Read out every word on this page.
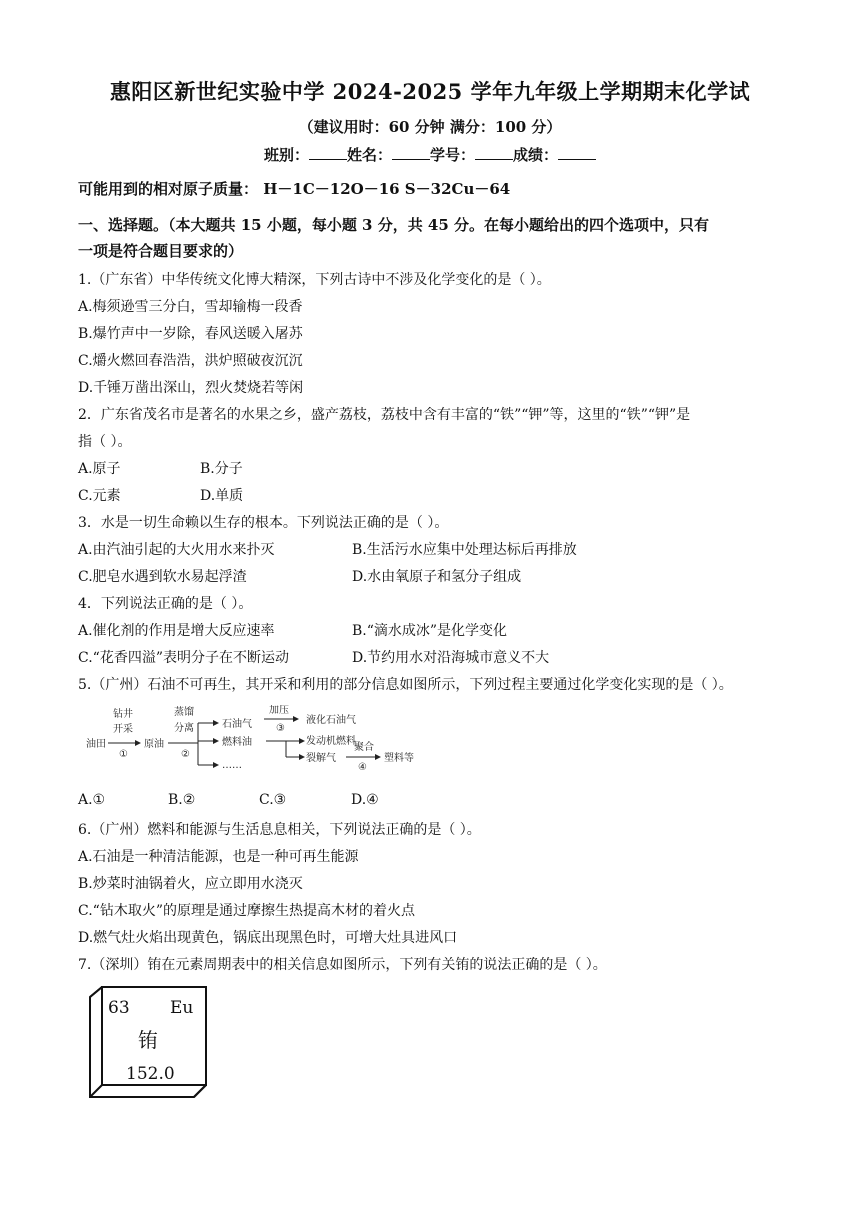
惠阳区新世纪实验中学 2024-2025 学年九年级上学期期末化学试
（建议用时：60 分钟 满分：100 分）
班别：	姓名：	学号：	成绩：
可能用到的相对原子质量： H－1C－12O－16 S－32Cu－64
一、选择题。（本大题共 15 小题，每小题 3 分，共 45 分。在每小题给出的四个选项中，只有
一项是符合题目要求的）
1.（广东省）中华传统文化博大精深，下列古诗中不涉及化学变化的是（ ）。
A.梅须逊雪三分白，雪却输梅一段香
B.爆竹声中一岁除，春风送暖入屠苏
C.爝火燃回春浩浩，洪炉照破夜沉沉
D.千锤万凿出深山，烈火焚烧若等闲
2．广东省茂名市是著名的水果之乡，盛产荔枝，荔枝中含有丰富的“铁”“钾”等，这里的“铁”“钾”是
指（ ）。
A.原子	B.分子
C.元素	D.单质
3．水是一切生命赖以生存的根本。下列说法正确的是（ ）。
A.由汽油引起的大火用水来扑灭	B.生活污水应集中处理达标后再排放
C.肥皂水遇到软水易起浮渣	D.水由氧原子和氢分子组成
4．下列说法正确的是（ ）。
A.催化剂的作用是增大反应速率	B.“滴水成冰”是化学变化
C.“花香四溢”表明分子在不断运动	D.节约用水对沿海城市意义不大
5.（广州）石油不可再生，其开采和利用的部分信息如图所示，下列过程主要通过化学变化实现的是（ ）。
油田
钻井
开采
①
原油
蒸馏
分离
②
石油气
燃料油
……
加压
③
液化石油气
发动机燃料
裂解气
聚合
④
塑料等
A.①	B.②	C.③	D.④
6.（广州）燃料和能源与生活息息相关，下列说法正确的是（ ）。
A.石油是一种清洁能源，也是一种可再生能源
B.炒菜时油锅着火，应立即用水浇灭
C.“钻木取火”的原理是通过摩擦生热提高木材的着火点
D.燃气灶火焰出现黄色，锅底出现黑色时，可增大灶具进风口
7.（深圳）铕在元素周期表中的相关信息如图所示，下列有关铕的说法正确的是（ ）。
63 Eu
铕
152.0
